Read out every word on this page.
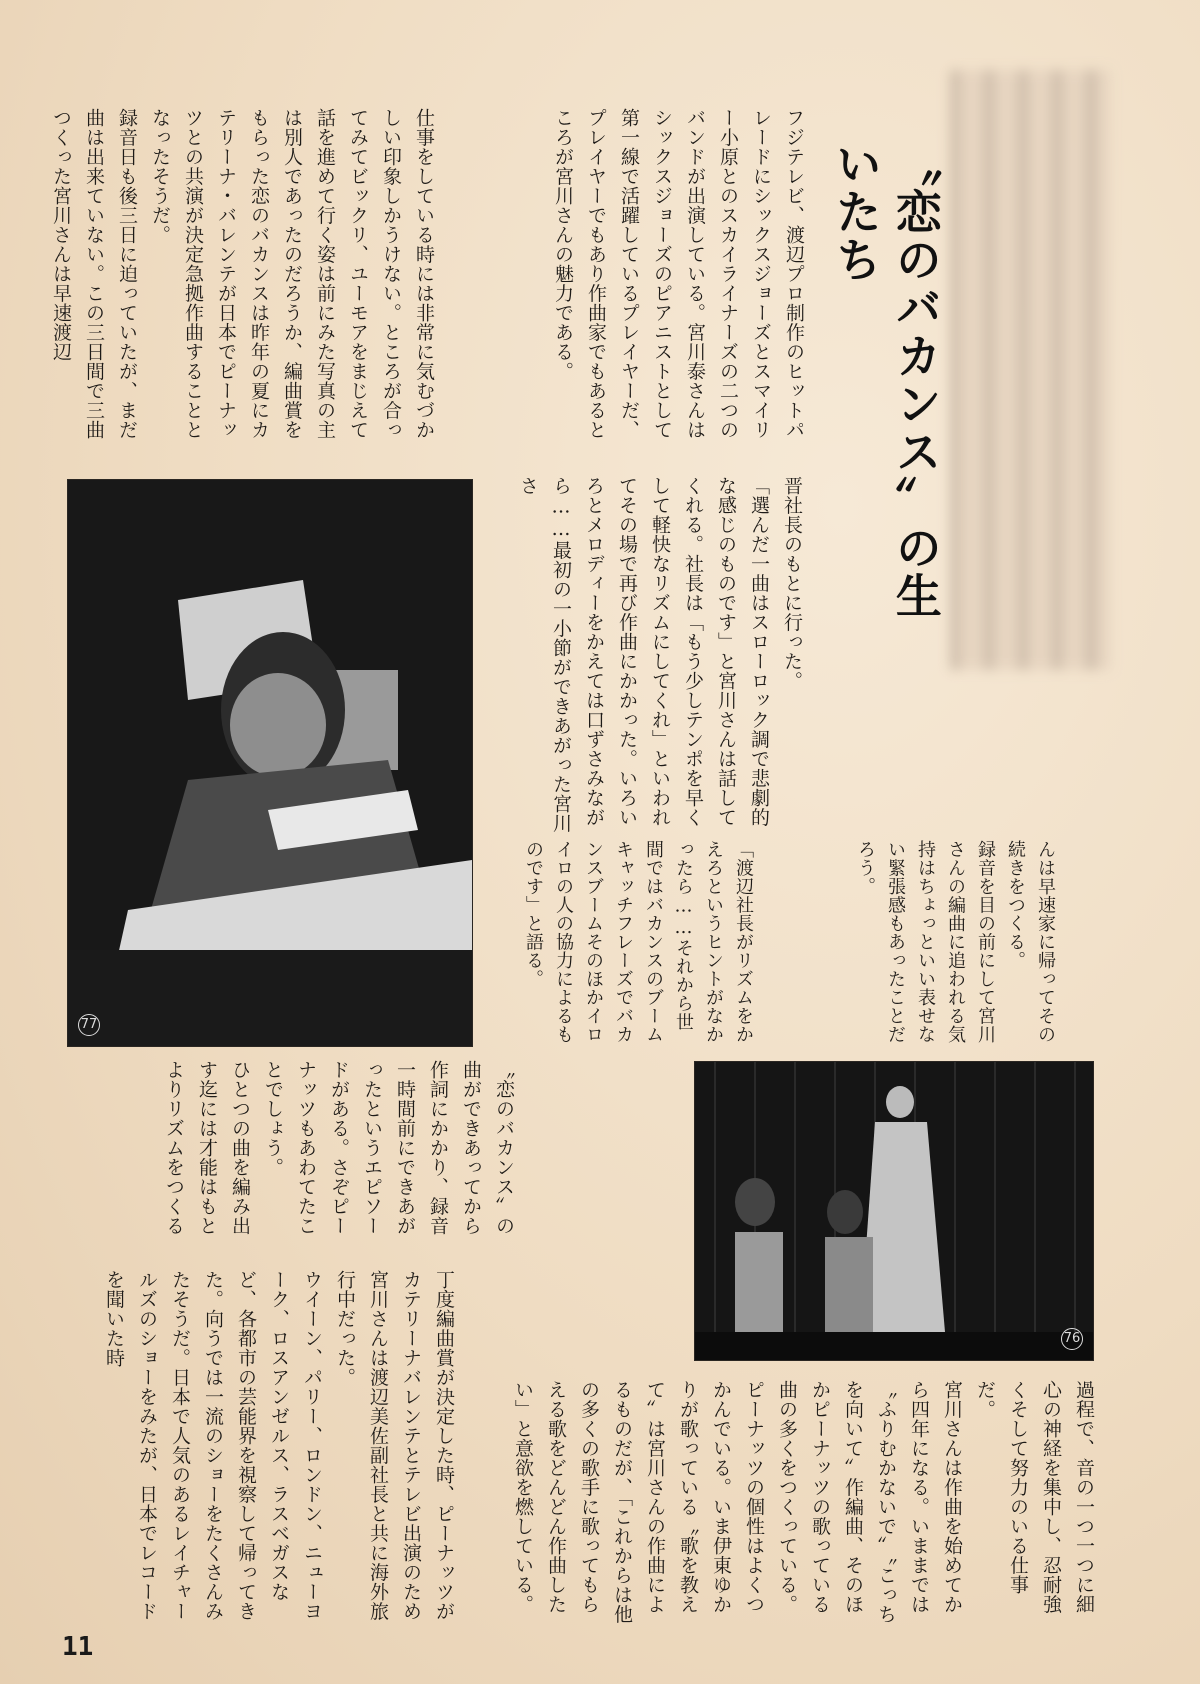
〝恋のバカンス〟の生いたち

フジテレビ、渡辺プロ制作のヒットパレードにシックスジョーズとスマイリー小原とのスカイライナーズの二つのバンドが出演している。宮川泰さんはシックスジョーズのピアニストとして第一線で活躍しているプレイヤーだ、プレイヤーでもあり作曲家でもあるところが宮川さんの魅力である。

仕事をしている時には非常に気むづかしい印象しかうけない。ところが合ってみてビックリ、ユーモアをまじえて話を進めて行く姿は前にみた写真の主は別人であったのだろうか、編曲賞をもらった恋のバカンスは昨年の夏にカテリーナ・バレンテが日本でピーナッツとの共演が決定急拠作曲することとなったそうだ。

録音日も後三日に迫っていたが、まだ曲は出来ていない。この三日間で三曲つくった宮川さんは早速渡辺

晋社長のもとに行った。

「選んだ一曲はスローロック調で悲劇的な感じのものです」と宮川さんは話してくれる。社長は「もう少しテンポを早くして軽快なリズムにしてくれ」といわれてその場で再び作曲にかかった。いろいろとメロディーをかえては口ずさみながら……最初の一小節ができあがった宮川さ

んは早速家に帰ってその続きをつくる。

録音を目の前にして宮川さんの編曲に追われる気持はちょっといい表せない緊張感もあったことだろう。

「渡辺社長がリズムをかえろというヒントがなかったら……それから世間ではバカンスのブームキャッチフレーズでバカンスブームそのほかイロイロの人の協力によるものです」と語る。

〝恋のバカンス〟の曲ができあってから作詞にかかり、録音一時間前にできあがったというエピソードがある。さぞピーナッツもあわてたことでしょう。

ひとつの曲を編み出す迄には才能はもとよりリズムをつくる

過程で、音の一つ一つに細心の神経を集中し、忍耐強くそして努力のいる仕事だ。

宮川さんは作曲を始めてから四年になる。いままでは〝ふりむかないで〟〝こっちを向いて〟作編曲、そのほかピーナッツの歌っている曲の多くをつくっている。ピーナッツの個性はよくつかんでいる。いま伊東ゆかりが歌っている〝歌を教えて〟は宮川さんの作曲によるものだが、「これからは他の多くの歌手に歌ってもらえる歌をどんどん作曲したい」と意欲を燃している。

丁度編曲賞が決定した時、ピーナッツがカテリーナバレンテとテレビ出演のため宮川さんは渡辺美佐副社長と共に海外旅行中だった。

ウイーン、パリー、ロンドン、ニューヨーク、ロスアンゼルス、ラスベガスなど、各都市の芸能界を視察して帰ってきた。向うでは一流のショーをたくさんみたそうだ。日本で人気のあるレイチャールズのショーをみたが、日本でレコードを聞いた時

77
76
11
